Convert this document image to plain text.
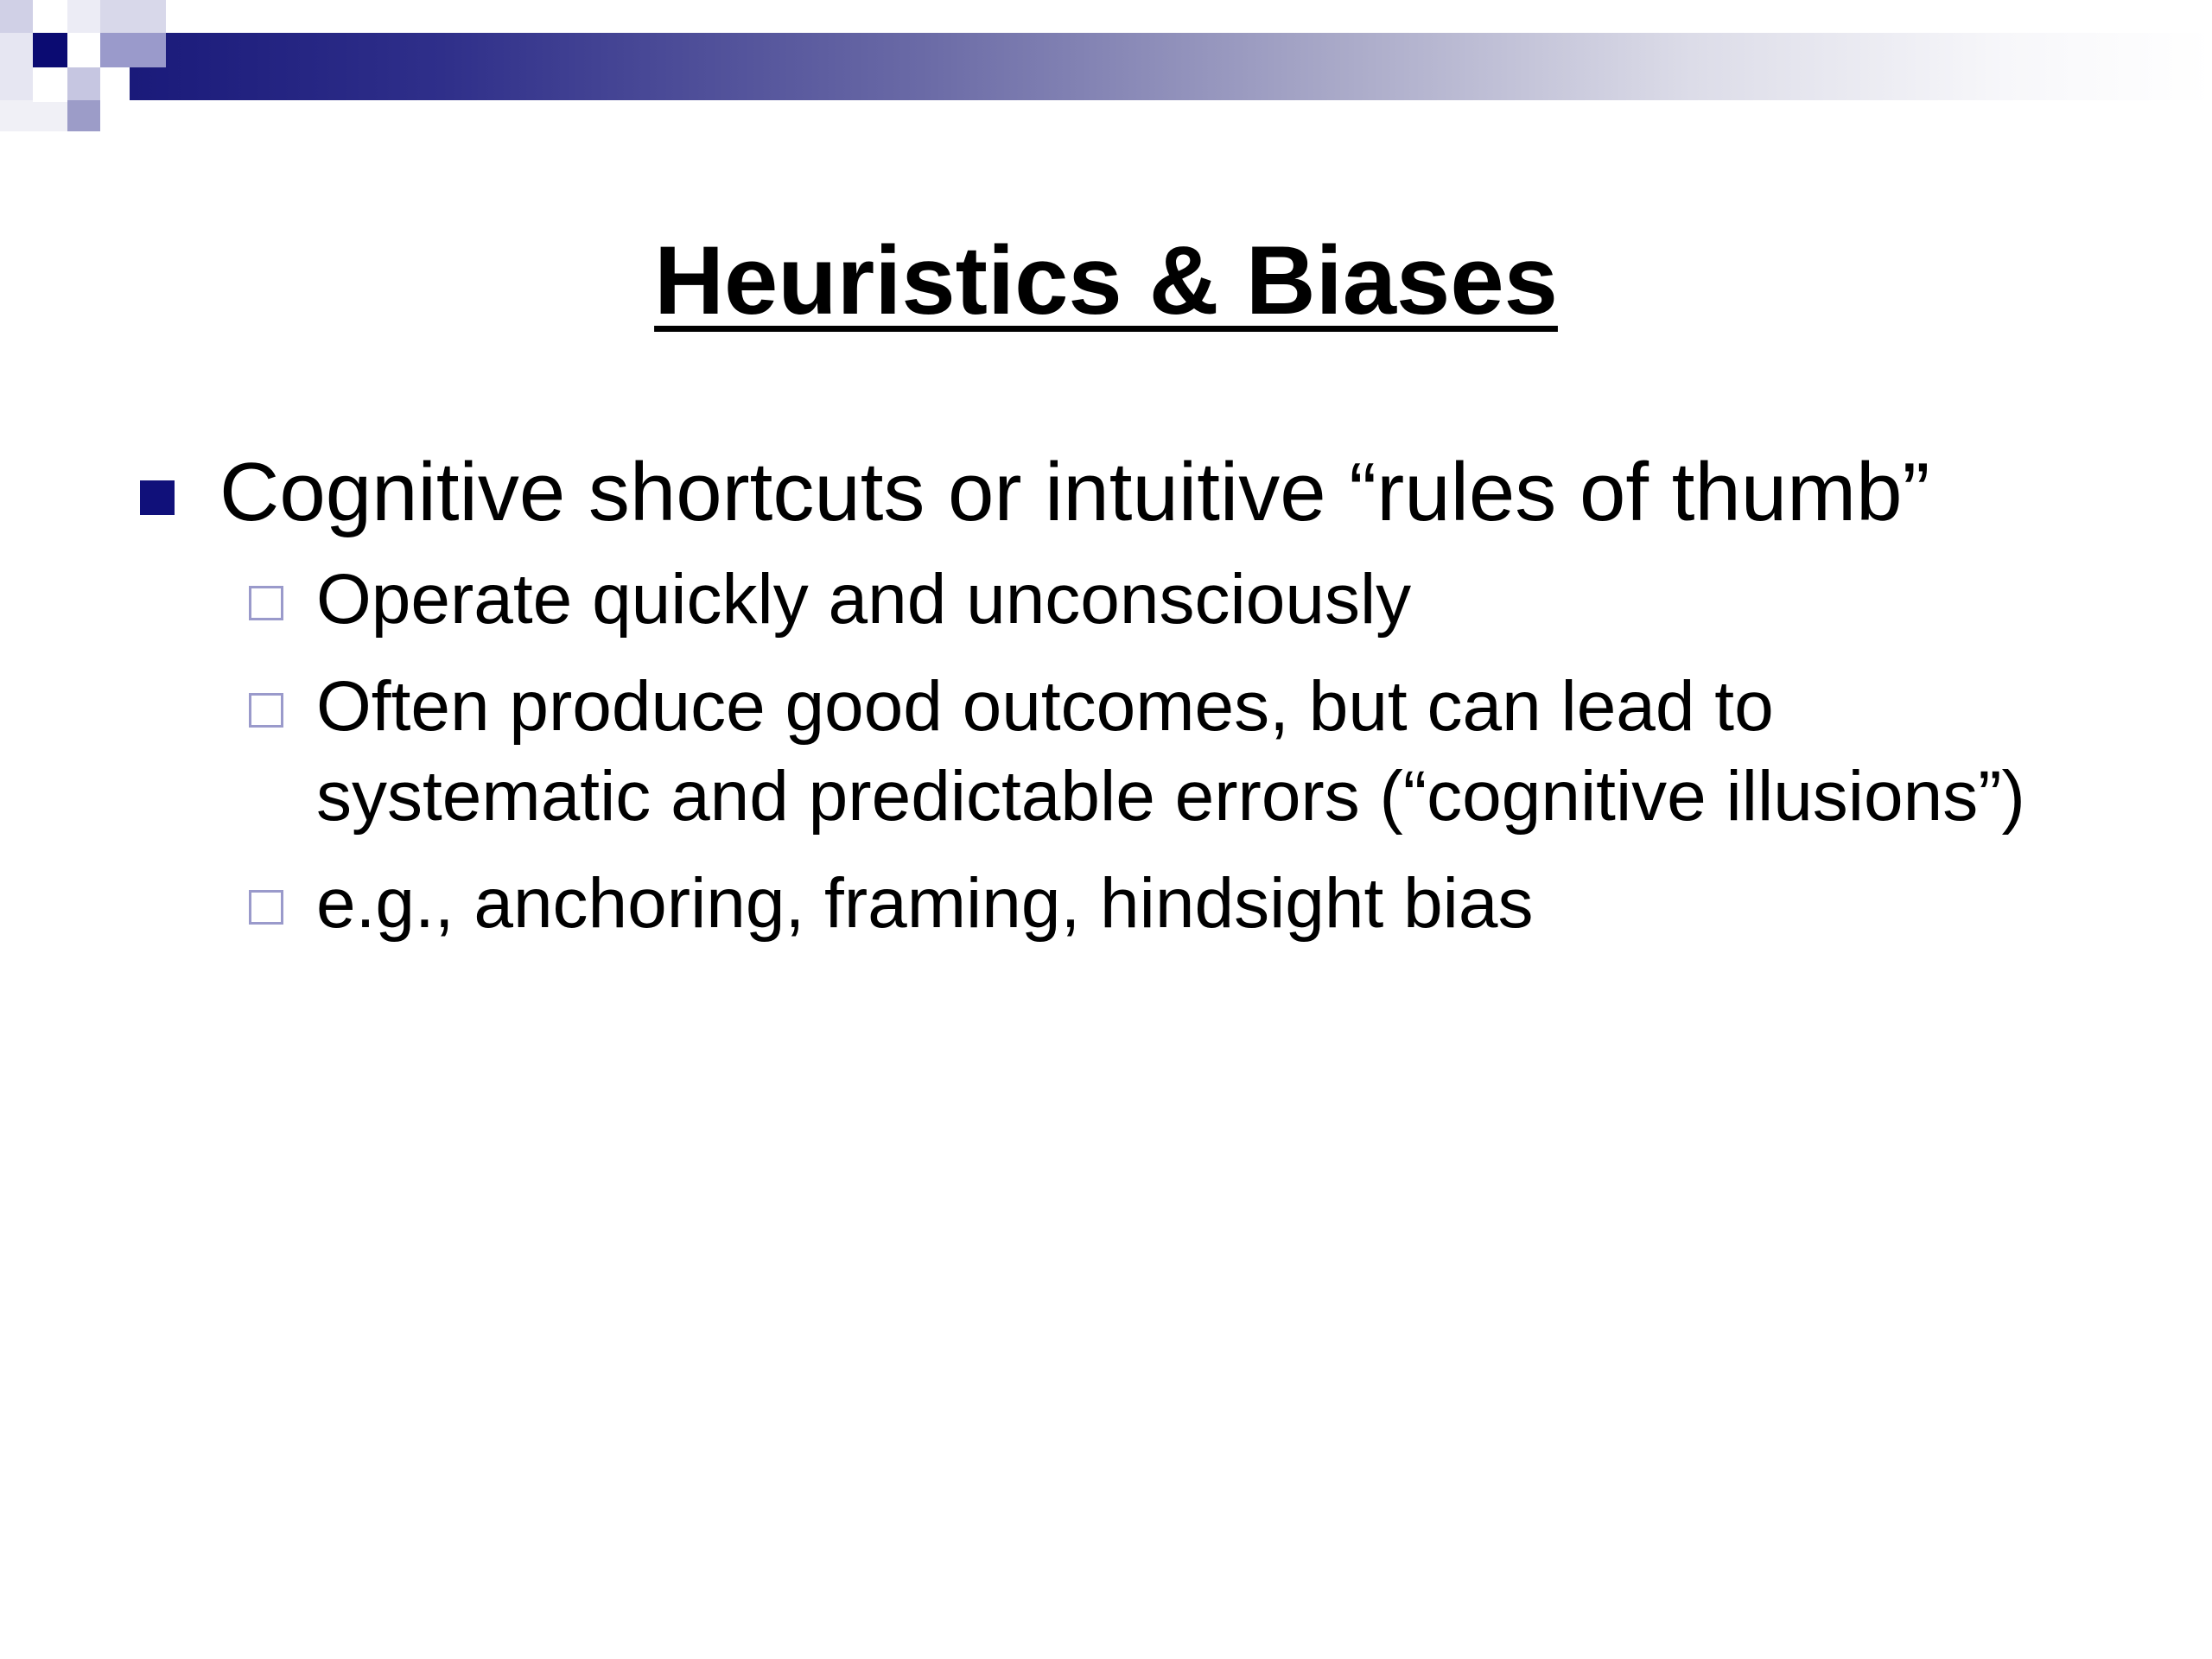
Heuristics & Biases
Cognitive shortcuts or intuitive “rules of thumb”
Operate quickly and unconsciously
Often produce good outcomes, but can lead to systematic and predictable errors (“cognitive illusions”)
e.g., anchoring, framing, hindsight bias
